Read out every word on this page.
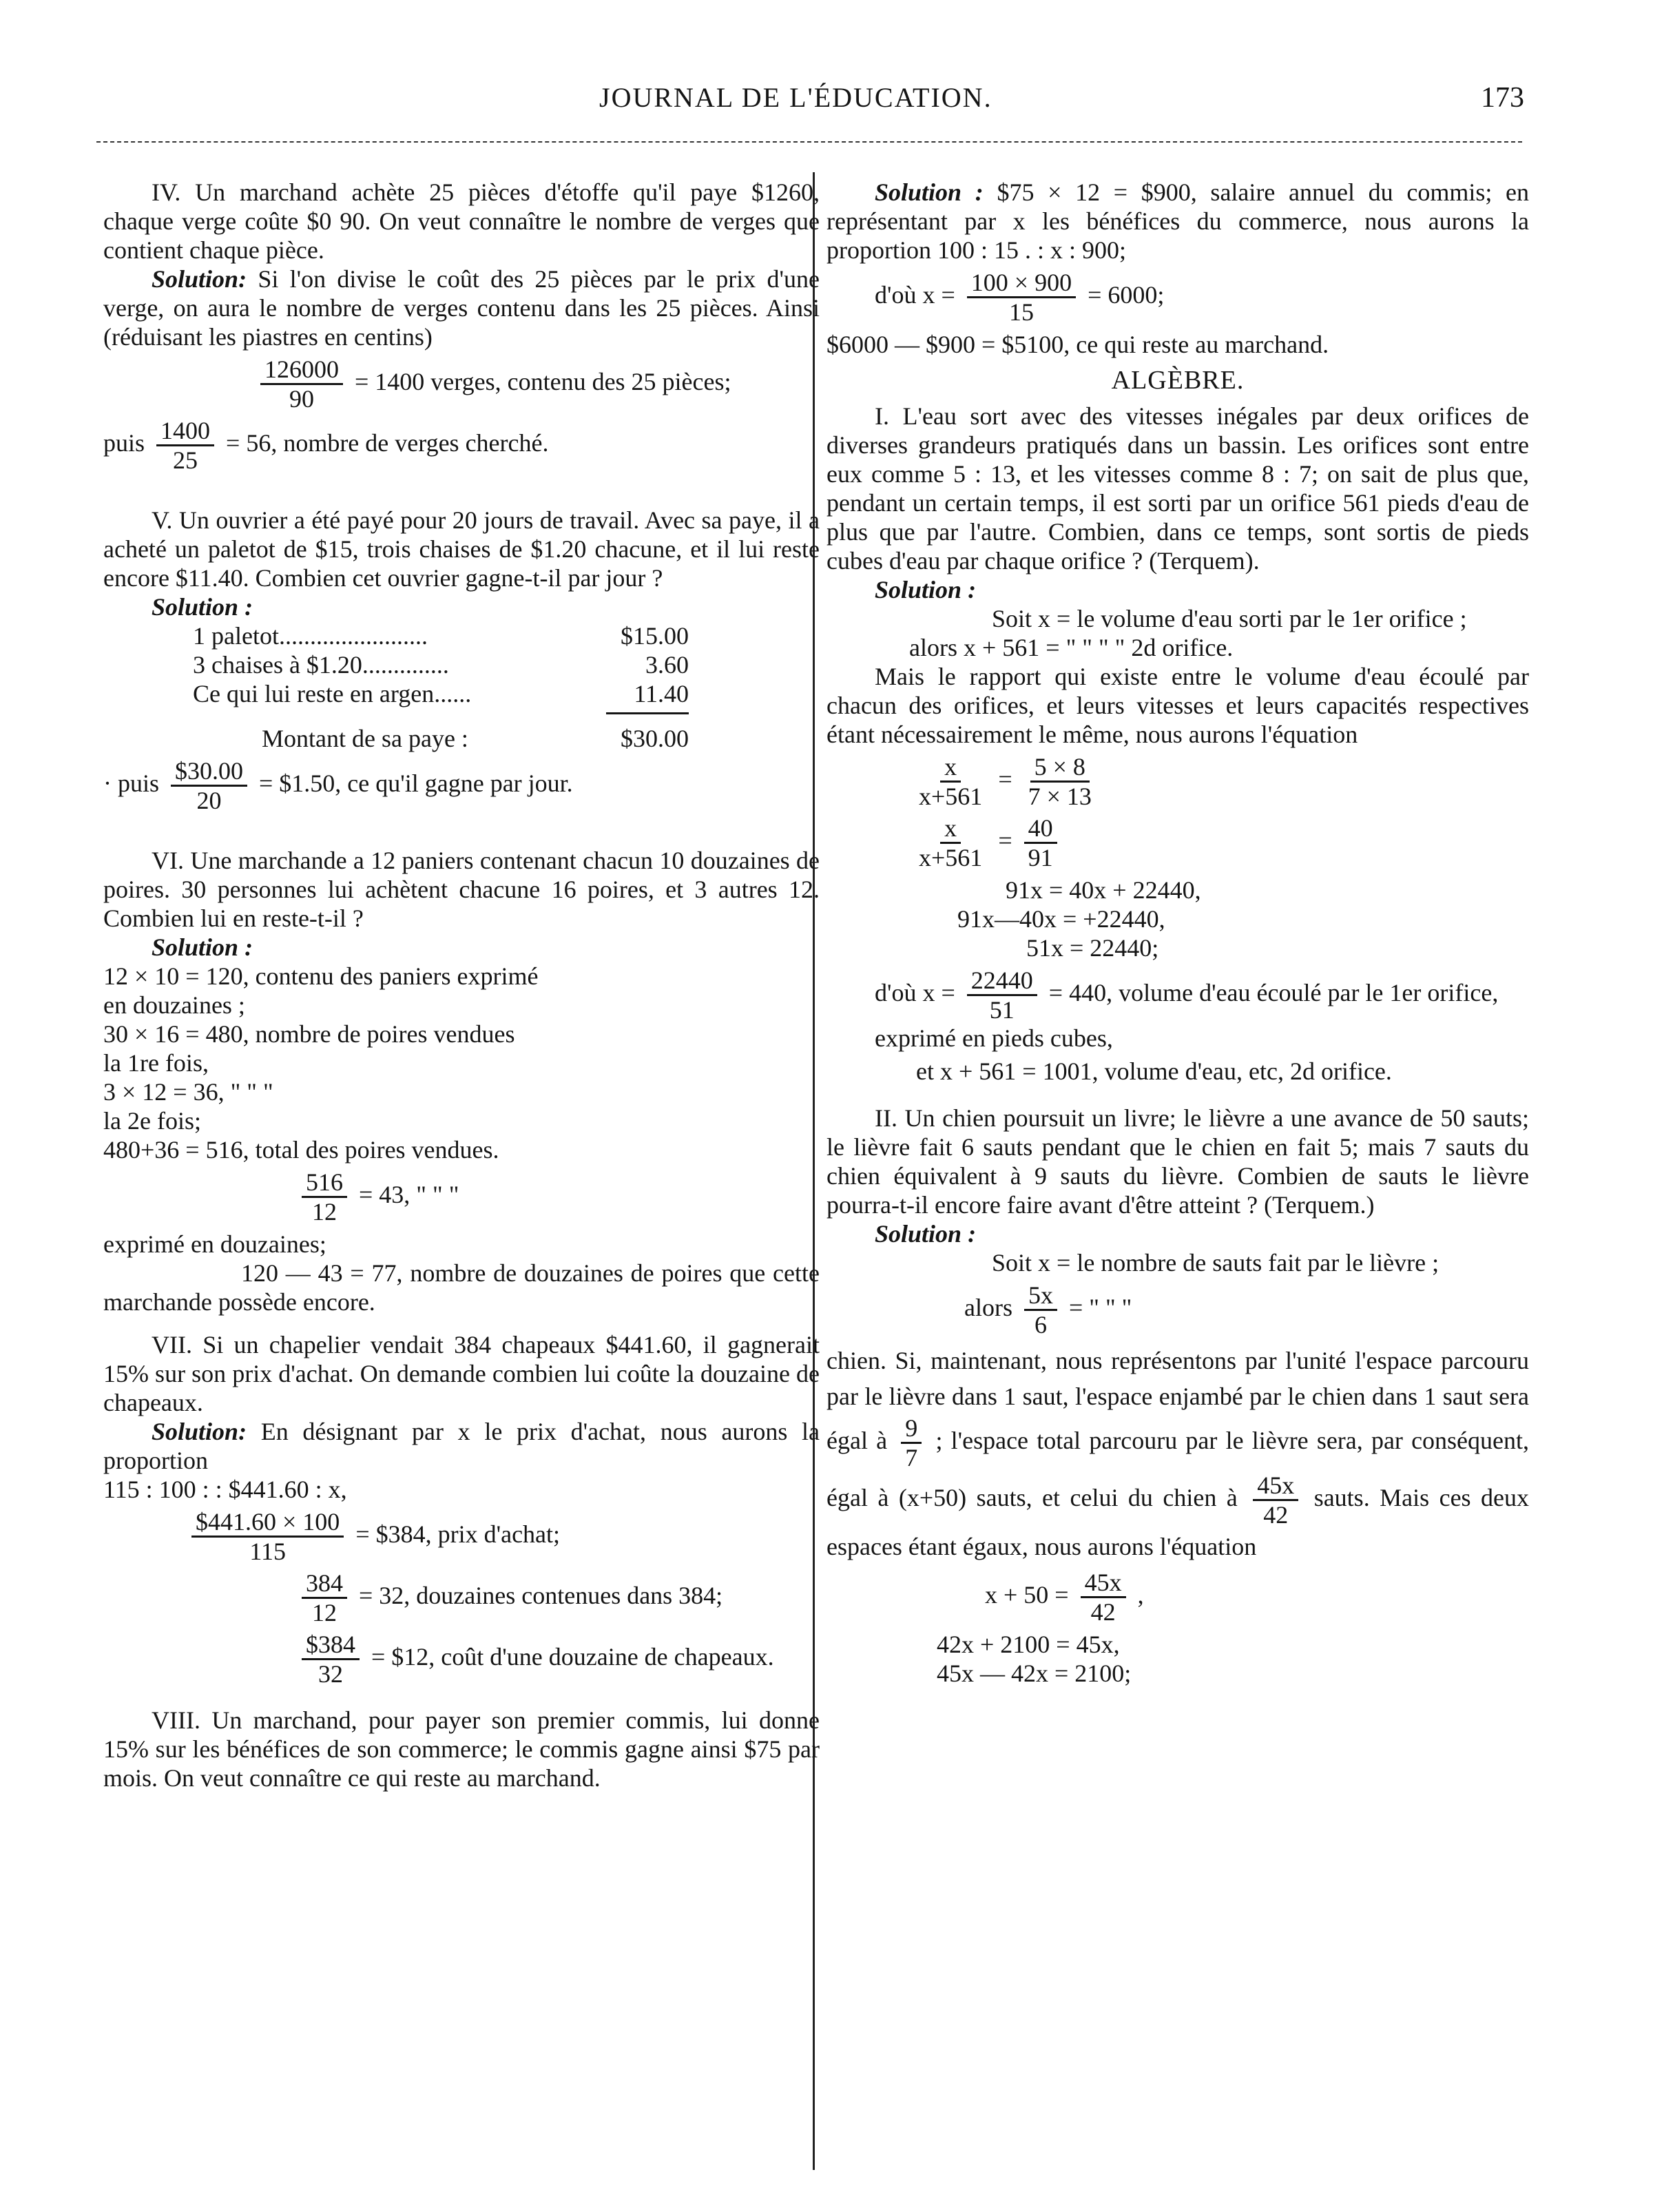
JOURNAL DE L'ÉDUCATION.	173

IV. Un marchand achète 25 pièces d'étoffe qu'il paye $1260, chaque verge coûte $0 90. On veut connaître le nombre de verges que contient chaque pièce.

Solution: Si l'on divise le coût des 25 pièces par le prix d'une verge, on aura le nombre de verges contenu dans les 25 pièces. Ainsi (réduisant les piastres en centins)

$\frac{126000}{90} = 1400$ verges, contenu des 25 pièces;
puis $\frac{1400}{25} = 56$, nombre de verges cherché.

V. Un ouvrier a été payé pour 20 jours de travail. Avec sa paye, il a acheté un paletot de $15, trois chaises de $1.20 chacune, et il lui reste encore $11.40. Combien cet ouvrier gagne-t-il par jour ?

Solution :

1 paletot........................	$15.00
3 chaises à $1.20..............	3.60
Ce qui lui reste en argen......	11.40
Montant de sa paye :	$30.00
· puis $\frac{\$30.00}{20}$ = $1.50, ce qu'il gagne par jour.

VI. Une marchande a 12 paniers contenant chacun 10 douzaines de poires. 30 personnes lui achètent chacune 16 poires, et 3 autres 12. Combien lui en reste-t-il ?

Solution :

12 × 10 = 120, contenu des paniers exprimé

en douzaines ;

30 × 16 = 480, nombre de poires vendues

la 1re fois,

3 × 12 = 36, " " "

la 2e fois;

480+36 = 516, total des poires vendues.

$\frac{516}{12} = 43$, " " "

exprimé en douzaines;

120 — 43 = 77, nombre de douzaines de poires que cette marchande possède encore.

VII. Si un chapelier vendait 384 chapeaux $441.60, il gagnerait 15% sur son prix d'achat. On demande combien lui coûte la douzaine de chapeaux.

Solution: En désignant par x le prix d'achat, nous aurons la proportion

115 : 100 : : $441.60 : x,

$\frac{\$441.60 \times 100}{115}$ = $384, prix d'achat;
$\frac{384}{12} = 32$, douzaines contenues dans 384;
$\frac{\$384}{32}$ = $12, coût d'une douzaine de chapeaux.

VIII. Un marchand, pour payer son premier commis, lui donne 15% sur les bénéfices de son commerce; le commis gagne ainsi $75 par mois. On veut connaître ce qui reste au marchand.

Solution : $75 × 12 = $900, salaire annuel du commis; en représentant par x les bénéfices du commerce, nous aurons la proportion 100 : 15 . : x : 900;

d'où $x = \frac{100 \times 900}{15} = 6000$;

$6000 — $900 = $5100, ce qui reste au marchand.

ALGÈBRE.

I. L'eau sort avec des vitesses inégales par deux orifices de diverses grandeurs pratiqués dans un bassin. Les orifices sont entre eux comme 5 : 13, et les vitesses comme 8 : 7; on sait de plus que, pendant un certain temps, il est sorti par un orifice 561 pieds d'eau de plus que par l'autre. Combien, dans ce temps, sont sortis de pieds cubes d'eau par chaque orifice ? (Terquem).

Solution :

Soit x = le volume d'eau sorti par le 1er orifice ;

alors x + 561 = " " " " 2d orifice.

Mais le rapport qui existe entre le volume d'eau écoulé par chacun des orifices, et leurs vitesses et leurs capacités respectives étant nécessairement le même, nous aurons l'équation

$\frac{x}{x+561} = \frac{5 \times 8}{7 \times 13}$
$\frac{x}{x+561} = \frac{40}{91}$

91x = 40x + 22440,

91x—40x = +22440,

51x = 22440;

d'où $x = \frac{22440}{51} = 440$, volume d'eau écoulé par le 1er orifice, exprimé en pieds cubes,

et x + 561 = 1001, volume d'eau, etc, 2d orifice.

II. Un chien poursuit un livre; le lièvre a une avance de 50 sauts; le lièvre fait 6 sauts pendant que le chien en fait 5; mais 7 sauts du chien équivalent à 9 sauts du lièvre. Combien de sauts le lièvre pourra-t-il encore faire avant d'être atteint ? (Terquem.)

Solution :

Soit x = le nombre de sauts fait par le lièvre ;

alors $\frac{5x}{6}$ = " " "

chien. Si, maintenant, nous représentons par l'unité l'espace parcouru par le lièvre dans 1 saut, l'espace enjambé par le chien dans 1 saut sera égal à $\frac{9}{7}$ ; l'espace total parcouru par le lièvre sera, par conséquent, égal à (x+50) sauts, et celui du chien à $\frac{45x}{42}$ sauts. Mais ces deux espaces étant égaux, nous aurons l'équation

$x + 50 = \frac{45x}{42}$ ,

42x + 2100 = 45x,

45x — 42x = 2100;
